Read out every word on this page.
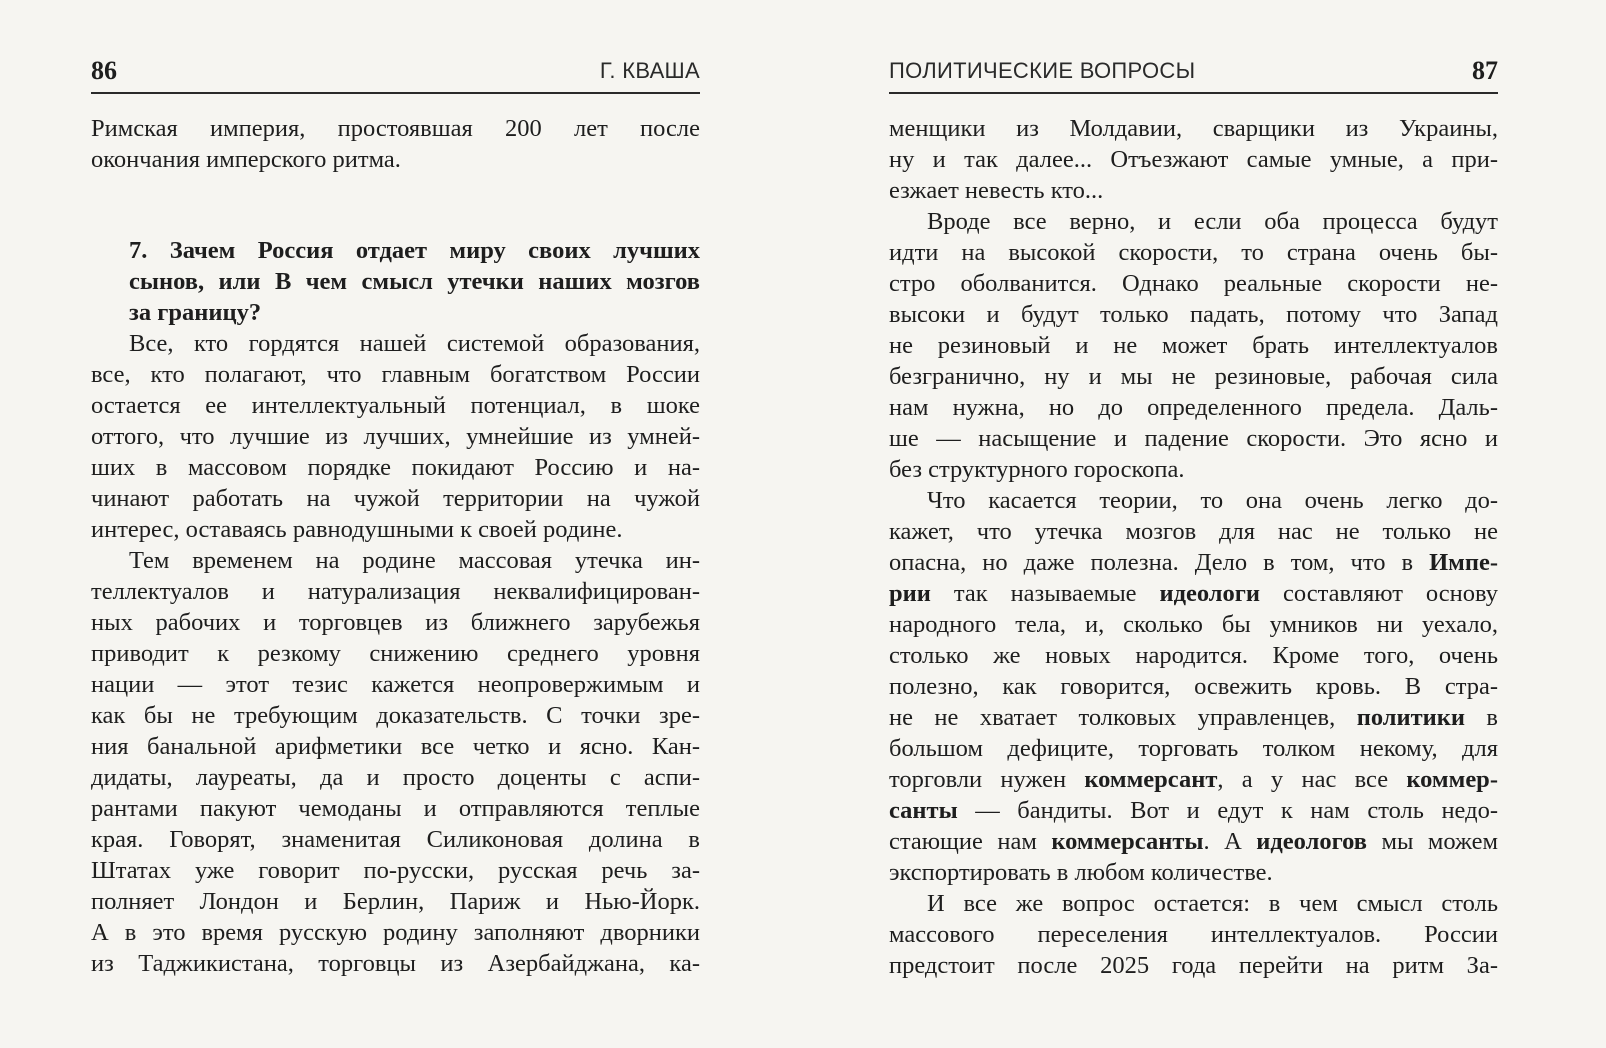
86	Г. КВАША
Римская империя, простоявшая 200 лет после
окончания имперского ритма.
7. Зачем Россия отдает миру своих лучших
сынов, или В чем смысл утечки наших мозгов
за границу?
Все, кто гордятся нашей системой образования,
все, кто полагают, что главным богатством России
остается ее интеллектуальный потенциал, в шоке
оттого, что лучшие из лучших, умнейшие из умней-
ших в массовом порядке покидают Россию и на-
чинают работать на чужой территории на чужой
интерес, оставаясь равнодушными к своей родине.
Тем временем на родине массовая утечка ин-
теллектуалов и натурализация неквалифицирован-
ных рабочих и торговцев из ближнего зарубежья
приводит к резкому снижению среднего уровня
нации — этот тезис кажется неопровержимым и
как бы не требующим доказательств. С точки зре-
ния банальной арифметики все четко и ясно. Кан-
дидаты, лауреаты, да и просто доценты с аспи-
рантами пакуют чемоданы и отправляются теплые
края. Говорят, знаменитая Силиконовая долина в
Штатах уже говорит по-русски, русская речь за-
полняет Лондон и Берлин, Париж и Нью-Йорк.
А в это время русскую родину заполняют дворники
из Таджикистана, торговцы из Азербайджана, ка-
ПОЛИТИЧЕСКИЕ ВОПРОСЫ	87
менщики из Молдавии, сварщики из Украины,
ну и так далее... Отъезжают самые умные, а при-
езжает невесть кто...
Вроде все верно, и если оба процесса будут
идти на высокой скорости, то страна очень бы-
стро оболванится. Однако реальные скорости не-
высоки и будут только падать, потому что Запад
не резиновый и не может брать интеллектуалов
безгранично, ну и мы не резиновые, рабочая сила
нам нужна, но до определенного предела. Даль-
ше — насыщение и падение скорости. Это ясно и
без структурного гороскопа.
Что касается теории, то она очень легко до-
кажет, что утечка мозгов для нас не только не
опасна, но даже полезна. Дело в том, что в Импе-
рии так называемые идеологи составляют основу
народного тела, и, сколько бы умников ни уехало,
столько же новых народится. Кроме того, очень
полезно, как говорится, освежить кровь. В стра-
не не хватает толковых управленцев, политики в
большом дефиците, торговать толком некому, для
торговли нужен коммерсант, а у нас все коммер-
санты — бандиты. Вот и едут к нам столь недо-
стающие нам коммерсанты. А идеологов мы можем
экспортировать в любом количестве.
И все же вопрос остается: в чем смысл столь
массового переселения интеллектуалов. России
предстоит после 2025 года перейти на ритм За-
